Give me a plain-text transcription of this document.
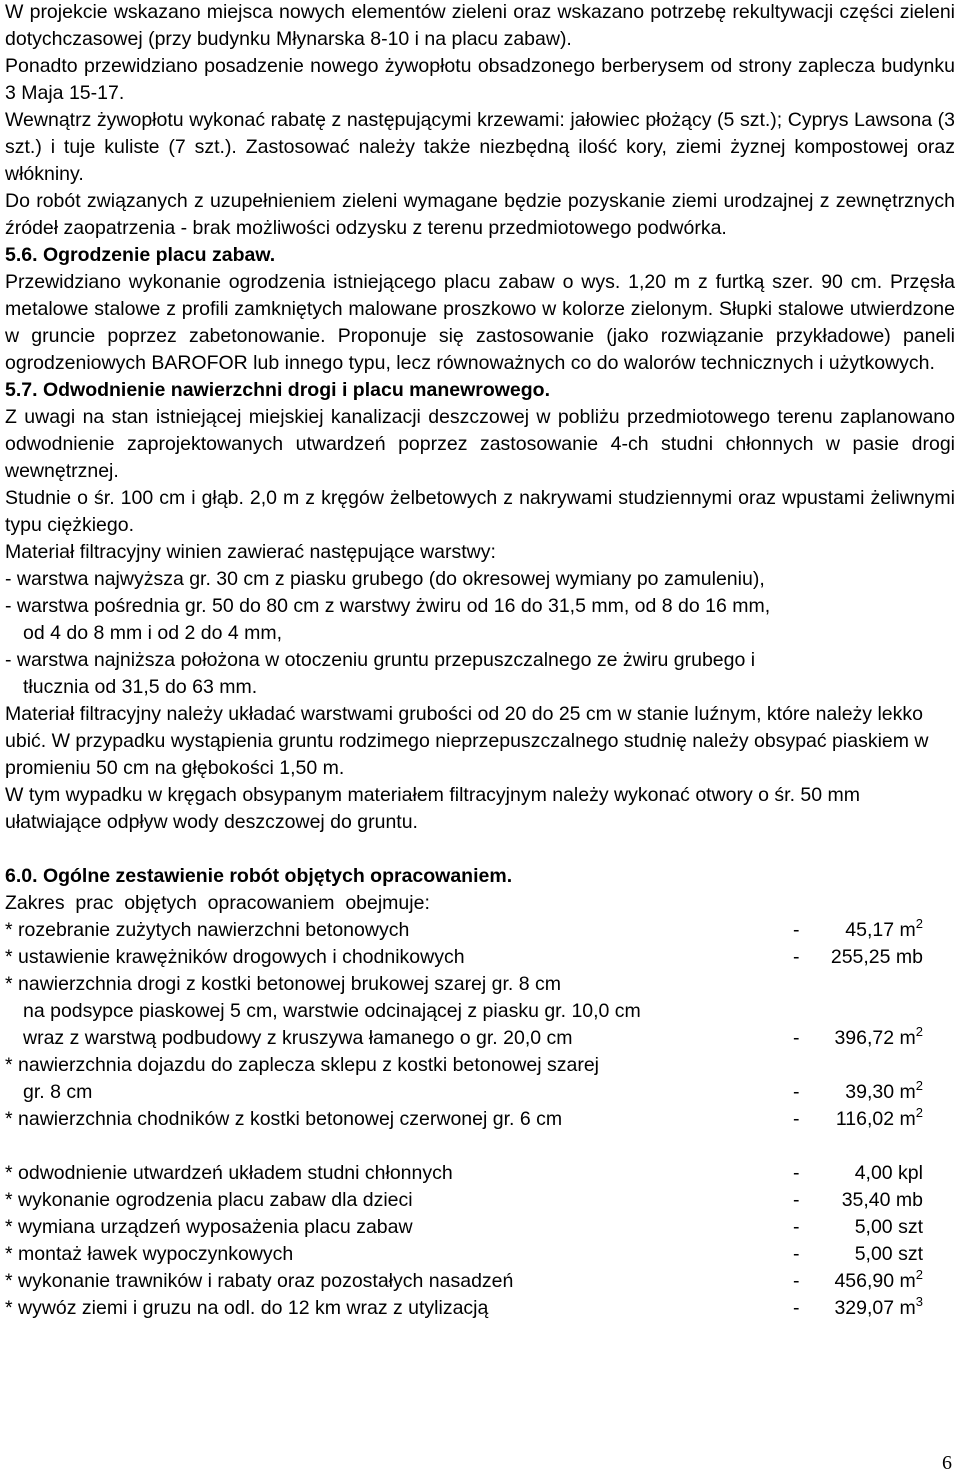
W projekcie wskazano miejsca nowych elementów zieleni oraz wskazano potrzebę rekultywacji części zieleni dotychczasowej (przy budynku Młynarska 8-10 i na placu zabaw).

Ponadto przewidziano posadzenie nowego żywopłotu obsadzonego berberysem od strony zaplecza budynku 3 Maja 15-17.

Wewnątrz żywopłotu wykonać rabatę z następującymi krzewami: jałowiec płożący (5 szt.); Cyprys Lawsona (3 szt.) i tuje kuliste (7 szt.). Zastosować należy także niezbędną ilość kory, ziemi żyznej kompostowej oraz włókniny.

Do robót związanych z uzupełnieniem zieleni wymagane będzie pozyskanie ziemi urodzajnej z zewnętrznych źródeł zaopatrzenia - brak możliwości odzysku z terenu przedmiotowego podwórka.

5.6. Ogrodzenie placu zabaw.

Przewidziano wykonanie ogrodzenia istniejącego placu zabaw o wys. 1,20 m z furtką szer. 90 cm. Przęsła metalowe stalowe z profili zamkniętych malowane proszkowo w kolorze zielonym. Słupki stalowe utwierdzone w gruncie poprzez zabetonowanie. Proponuje się zastosowanie (jako rozwiązanie przykładowe) paneli ogrodzeniowych BAROFOR lub innego typu, lecz równoważnych co do walorów technicznych i użytkowych.

5.7. Odwodnienie nawierzchni drogi i placu manewrowego.

Z uwagi na stan istniejącej miejskiej kanalizacji deszczowej w pobliżu przedmiotowego terenu zaplanowano odwodnienie zaprojektowanych utwardzeń poprzez zastosowanie 4-ch studni chłonnych w pasie drogi wewnętrznej.

Studnie o śr. 100 cm i głąb. 2,0 m z kręgów żelbetowych z nakrywami studziennymi oraz wpustami żeliwnymi typu ciężkiego.

Materiał filtracyjny winien zawierać następujące warstwy:

- warstwa najwyższa gr. 30 cm z piasku grubego (do okresowej wymiany po zamuleniu),

- warstwa pośrednia gr. 50 do 80 cm z warstwy żwiru od 16 do 31,5 mm, od 8 do 16 mm,

od 4 do 8 mm i od 2 do 4 mm,

- warstwa najniższa położona w otoczeniu gruntu przepuszczalnego ze żwiru grubego i

tłucznia od 31,5 do 63 mm.

Materiał filtracyjny należy układać warstwami grubości od 20 do 25 cm w stanie luźnym, które należy lekko ubić. W przypadku wystąpienia gruntu rodzimego nieprzepuszczalnego studnię należy obsypać piaskiem w promieniu 50 cm na głębokości 1,50 m.

W tym wypadku w kręgach obsypanym materiałem filtracyjnym należy wykonać otwory o śr. 50 mm ułatwiające odpływ wody deszczowej do gruntu.

6.0. Ogólne zestawienie robót objętych opracowaniem.

Zakres  prac  objętych  opracowaniem  obejmuje:

* rozebranie zużytych nawierzchni betonowych	- 45,17 $m^2$
* ustawienie krawężników drogowych i chodnikowych	- 255,25 mb
* nawierzchnia drogi z kostki betonowej brukowej szarej gr. 8 cm
na podsypce piaskowej 5 cm, warstwie odcinającej z piasku gr. 10,0 cm
wraz z warstwą podbudowy z kruszywa łamanego o gr. 20,0 cm	- 396,72 $m^2$
* nawierzchnia dojazdu do zaplecza sklepu z kostki betonowej szarej
gr. 8 cm	- 39,30 $m^2$
* nawierzchnia chodników z kostki betonowej czerwonej gr. 6 cm	- 116,02 $m^2$
* odwodnienie utwardzeń układem studni chłonnych	-	4,00 kpl
* wykonanie ogrodzenia placu zabaw dla dzieci	- 35,40 mb
* wymiana urządzeń wyposażenia placu zabaw	-	5,00 szt
* montaż ławek wypoczynkowych	-	5,00 szt
* wykonanie trawników i rabaty oraz pozostałych nasadzeń	- 456,90 $m^2$
* wywóz ziemi i gruzu na odl. do 12 km wraz z utylizacją	- 329,07 $m^3$
6
